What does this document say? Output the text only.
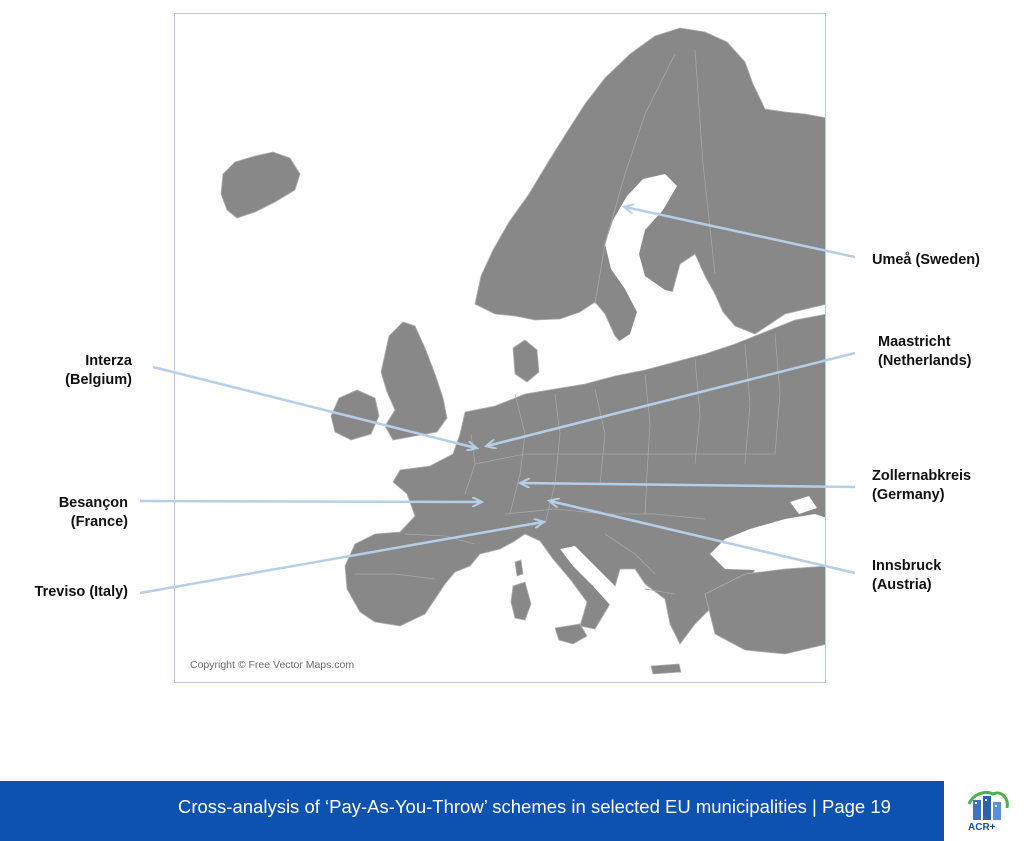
Copyright © Free Vector Maps.com
Umeå (Sweden)
Maastricht
(Netherlands)
Interza
(Belgium)
Zollernabkreis
(Germany)
Besançon
(France)
Innsbruck
(Austria)
Treviso (Italy)
Cross-analysis of ‘Pay-As-You-Throw’ schemes in selected EU municipalities | Page 19
ACR+
